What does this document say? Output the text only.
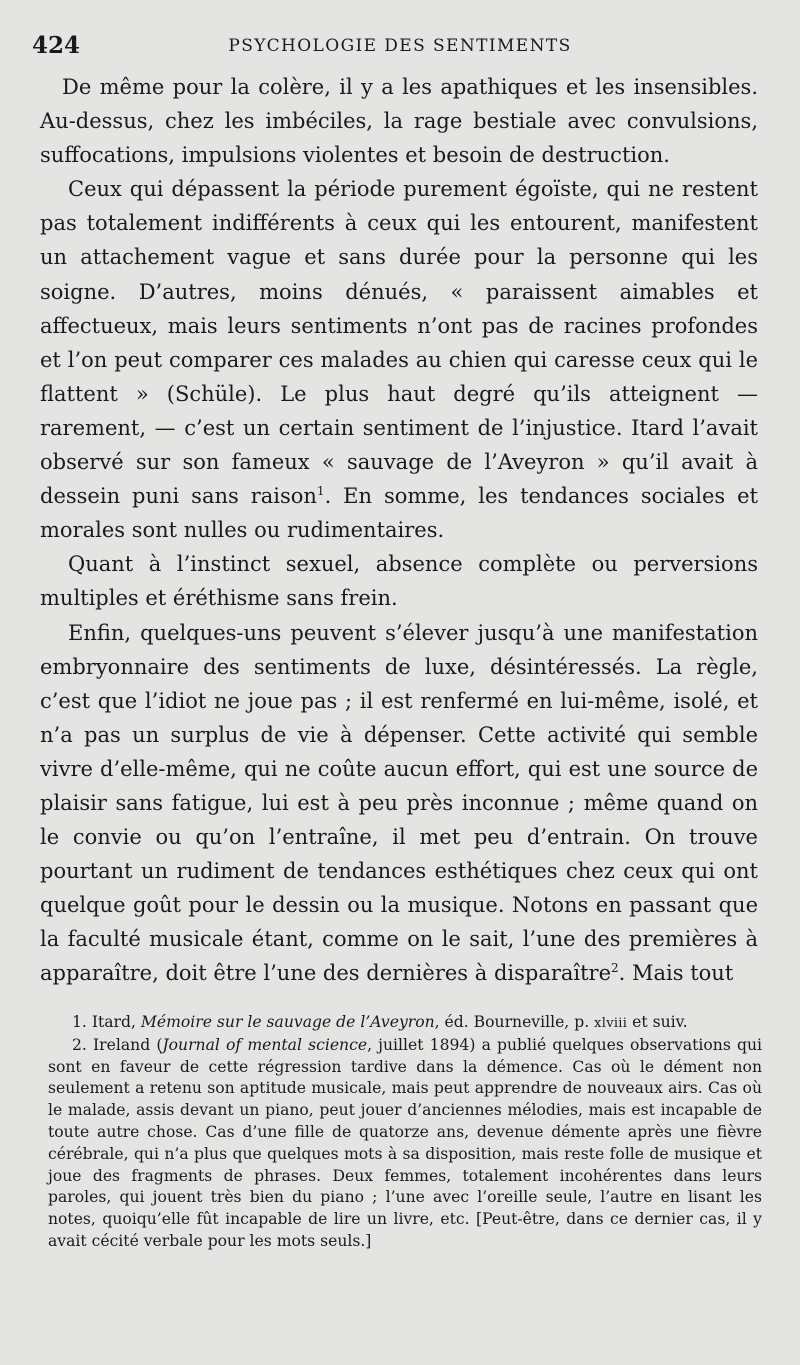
424	PSYCHOLOGIE DES SENTIMENTS

De même pour la colère, il y a les apathiques et les insensibles. Au-dessus, chez les imbéciles, la rage bestiale avec convulsions, suffocations, impulsions violentes et besoin de destruction.

Ceux qui dépassent la période purement égoïste, qui ne restent pas totalement indifférents à ceux qui les entourent, manifestent un attachement vague et sans durée pour la personne qui les soigne. D’autres, moins dénués, « paraissent aimables et affectueux, mais leurs sentiments n’ont pas de racines profondes et l’on peut comparer ces malades au chien qui caresse ceux qui le flattent » (Schüle). Le plus haut degré qu’ils atteignent — rarement, — c’est un certain sentiment de l’injustice. Itard l’avait observé sur son fameux « sauvage de l’Aveyron » qu’il avait à dessein puni sans raison$^1$. En somme, les tendances sociales et morales sont nulles ou rudimentaires.

Quant à l’instinct sexuel, absence complète ou perversions multiples et éréthisme sans frein.

Enfin, quelques-uns peuvent s’élever jusqu’à une manifestation embryonnaire des sentiments de luxe, désintéressés. La règle, c’est que l’idiot ne joue pas ; il est renfermé en lui-même, isolé, et n’a pas un surplus de vie à dépenser. Cette activité qui semble vivre d’elle-même, qui ne coûte aucun effort, qui est une source de plaisir sans fatigue, lui est à peu près inconnue ; même quand on le convie ou qu’on l’entraîne, il met peu d’entrain. On trouve pourtant un rudiment de tendances esthétiques chez ceux qui ont quelque goût pour le dessin ou la musique. Notons en passant que la faculté musicale étant, comme on le sait, l’une des premières à apparaître, doit être l’une des dernières à disparaître$^2$. Mais tout

1. Itard, Mémoire sur le sauvage de l’Aveyron, éd. Bourneville, p. xlviii et suiv.

2. Ireland (Journal of mental science, juillet 1894) a publié quelques observations qui sont en faveur de cette régression tardive dans la démence. Cas où le dément non seulement a retenu son aptitude musicale, mais peut apprendre de nouveaux airs. Cas où le malade, assis devant un piano, peut jouer d’anciennes mélodies, mais est incapable de toute autre chose. Cas d’une fille de quatorze ans, devenue démente après une fièvre cérébrale, qui n’a plus que quelques mots à sa disposition, mais reste folle de musique et joue des fragments de phrases. Deux femmes, totalement incohérentes dans leurs paroles, qui jouent très bien du piano ; l’une avec l’oreille seule, l’autre en lisant les notes, quoiqu’elle fût incapable de lire un livre, etc. [Peut-être, dans ce dernier cas, il y avait cécité verbale pour les mots seuls.]
